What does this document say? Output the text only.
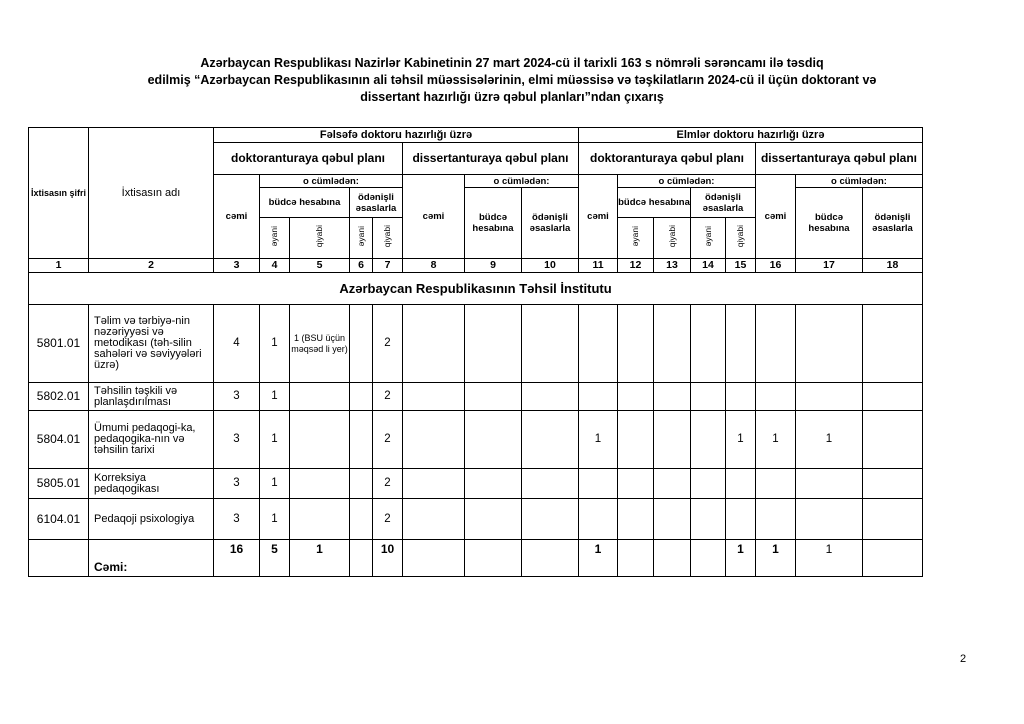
Azərbaycan Respublikası Nazirlər Kabinetinin 27 mart 2024-cü il tarixli 163 s nömrəli sərəncamı ilə təsdiq
edilmiş “Azərbaycan Respublikasının ali təhsil müəssisələrinin, elmi müəssisə və təşkilatların 2024-cü il üçün doktorant və
dissertant hazırlığı üzrə qəbul planları”ndan çıxarış
İxtisasın şifri	İxtisasın adı	Fəlsəfə doktoru hazırlığı üzrə								Elmlər doktoru hazırlığı üzrə							
		doktoranturaya qəbul planı					dissertanturaya qəbul planı			doktoranturaya qəbul planı					dissertanturaya qəbul planı		
		cəmi	o cümlədən:				cəmi	o cümlədən:		cəmi	o cümlədən:				cəmi	o cümlədən:	
			büdcə hesabına		ödənişli əsaslarla			büdcə hesabına	ödənişli əsaslarla		büdcə hesabına		ödənişli əsaslarla			büdcə hesabına	ödənişli əsaslarla
			əyani	qiyabi	əyani	qiyabi					əyani	qiyabi	əyani	qiyabi			
1	2	3	4	5	6	7	8	9	10	11	12	13	14	15	16	17	18
Azərbaycan Respublikasının Təhsil İnstitutu																	
5801.01	Təlim və tərbiyə-nin nəzəriyyəsi və metodikası (təh-silin sahələri və səviyyələri üzrə)	4	1	1 (BSU üçün məqsəd li yer)		2											
5802.01	Təhsilin təşkili və planlaşdırılması	3	1			2											
5804.01	Ümumi pedaqogi-ka, pedaqogika-nın və təhsilin tarixi	3	1			2				1				1	1	1	
5805.01	Korreksiya pedaqogikası	3	1			2											
6104.01	Pedaqoji psixologiya	3	1			2											
	Cəmi:	16	5	1		10				1				1	1	1	
2
